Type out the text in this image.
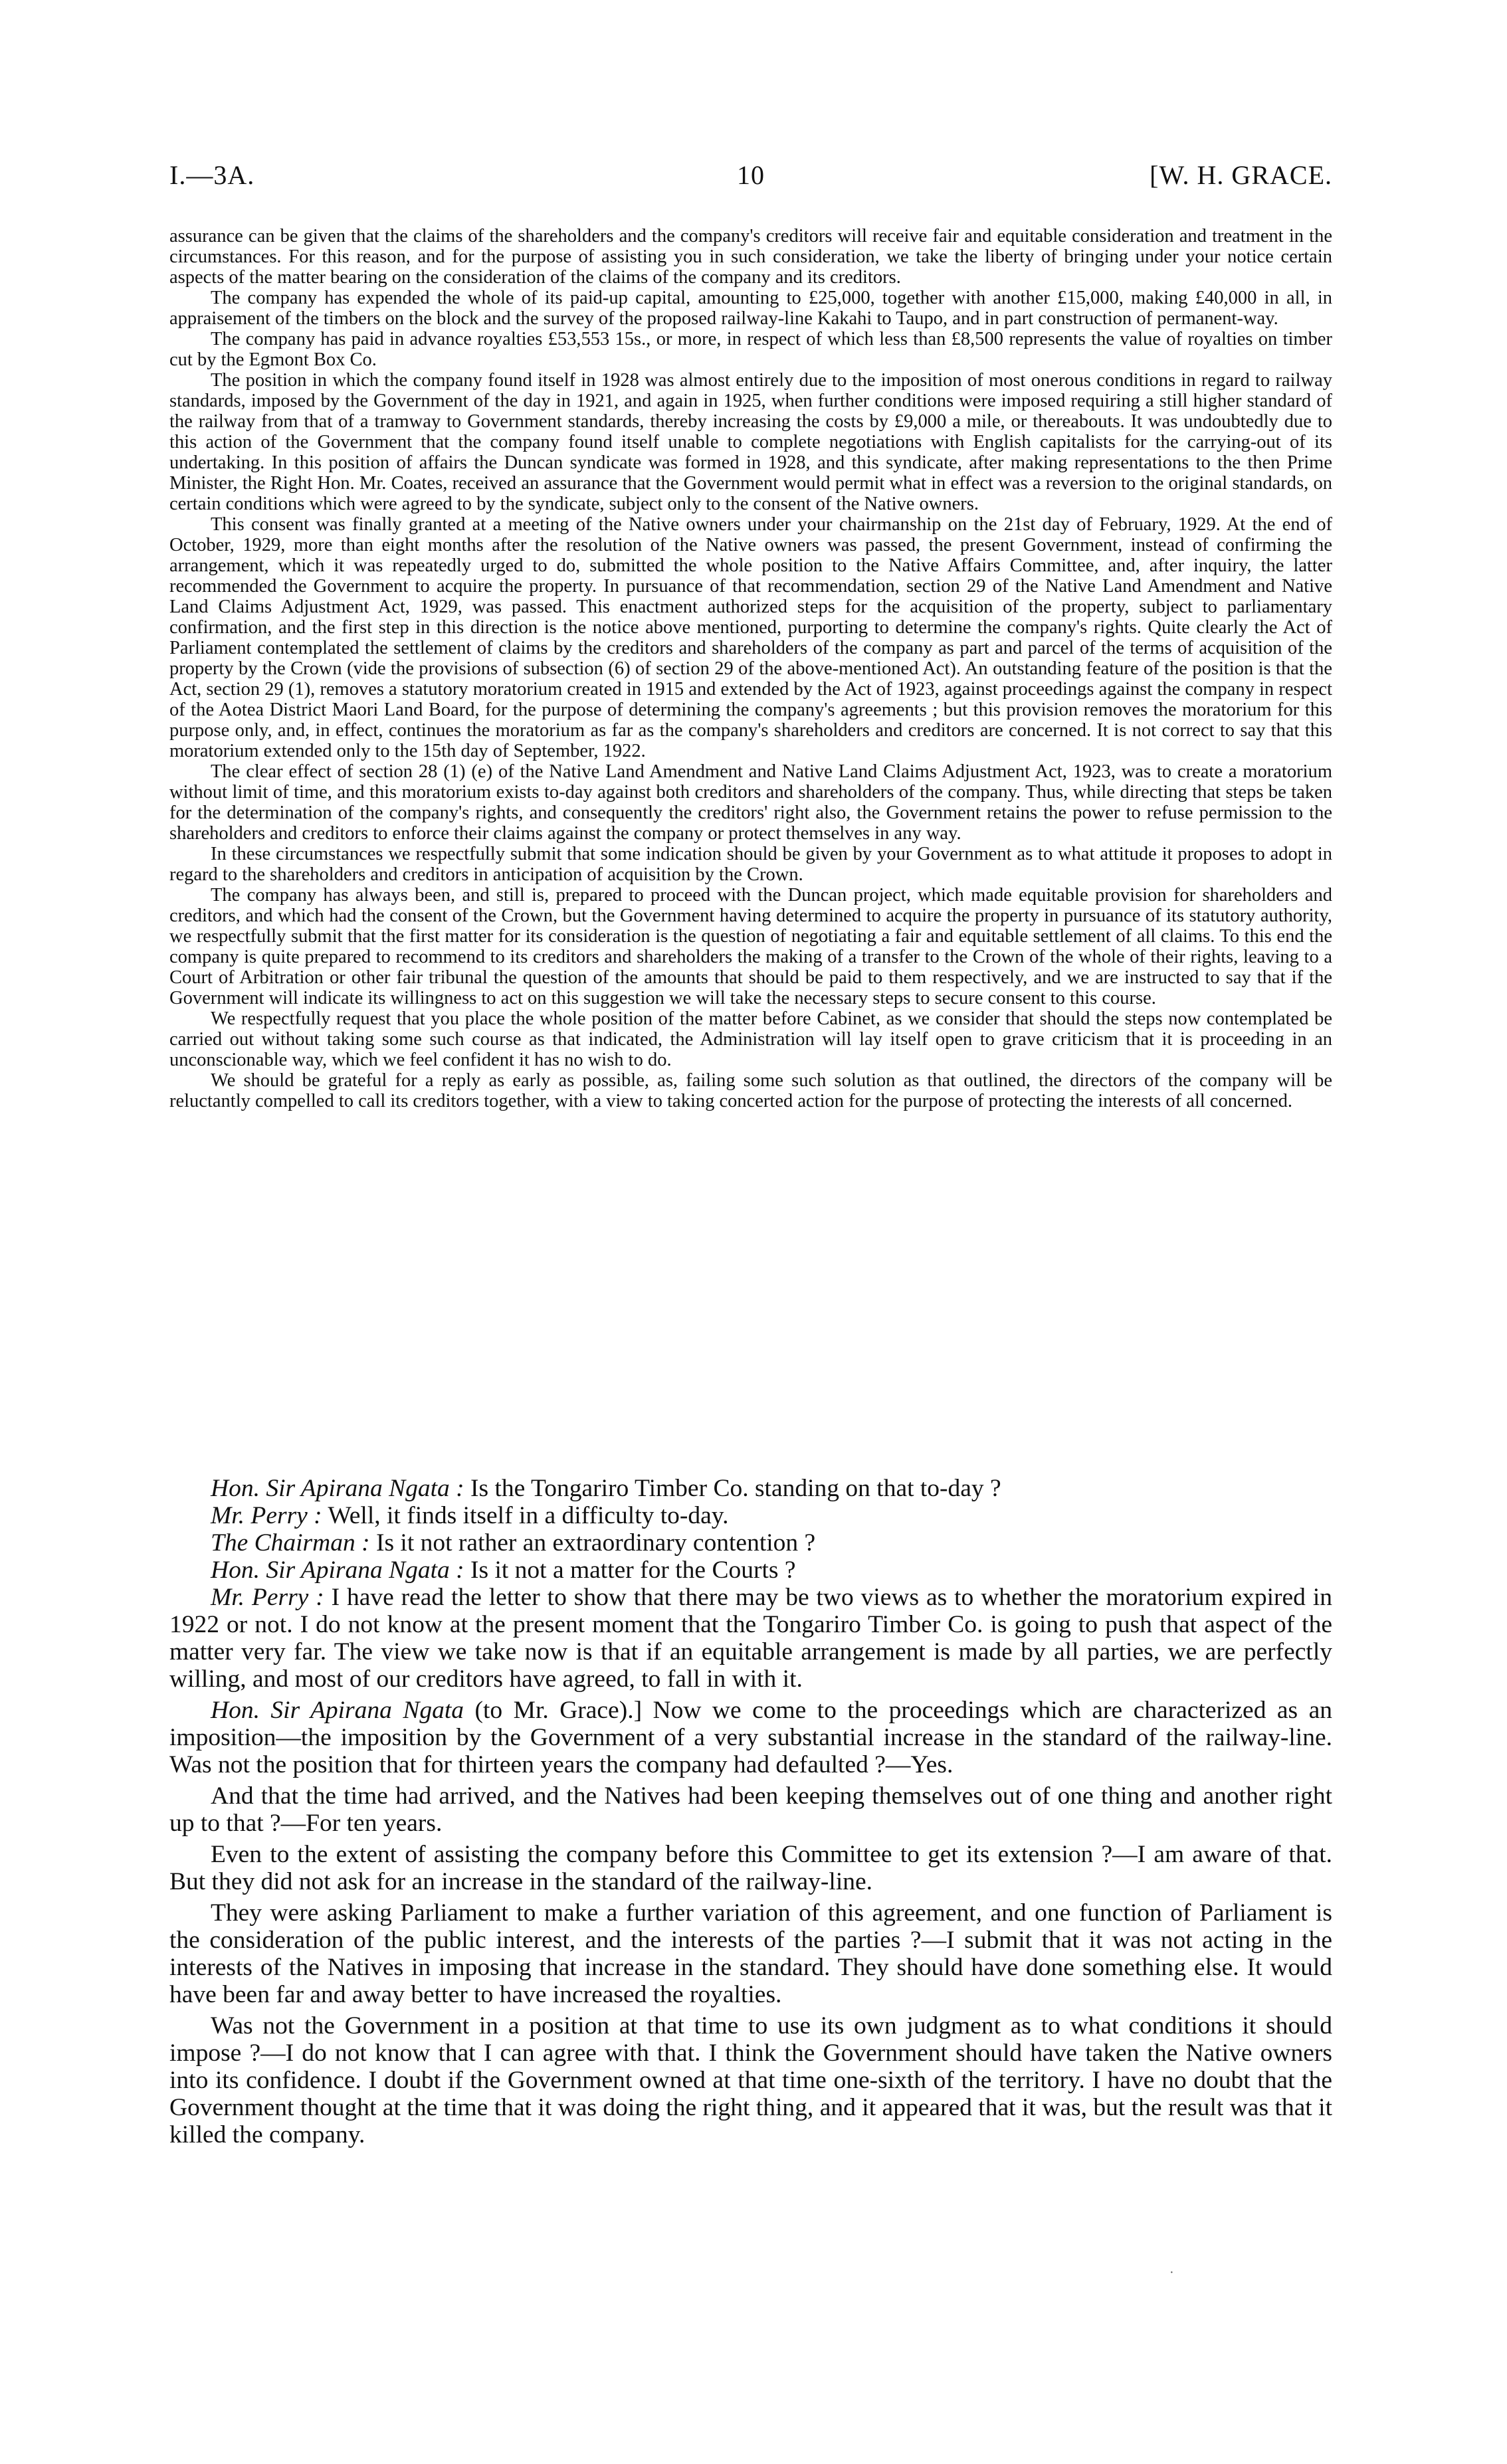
I.—3A.	10	[W. H. GRACE.

assurance can be given that the claims of the shareholders and the company's creditors will receive fair and equitable consideration and treatment in the circumstances. For this reason, and for the purpose of assisting you in such consideration, we take the liberty of bringing under your notice certain aspects of the matter bearing on the consideration of the claims of the company and its creditors.

The company has expended the whole of its paid-up capital, amounting to £25,000, together with another £15,000, making £40,000 in all, in appraisement of the timbers on the block and the survey of the proposed railway-line Kakahi to Taupo, and in part construction of permanent-way.

The company has paid in advance royalties £53,553 15s., or more, in respect of which less than £8,500 represents the value of royalties on timber cut by the Egmont Box Co.

The position in which the company found itself in 1928 was almost entirely due to the imposition of most onerous conditions in regard to railway standards, imposed by the Government of the day in 1921, and again in 1925, when further conditions were imposed requiring a still higher standard of the railway from that of a tramway to Government standards, thereby increasing the costs by £9,000 a mile, or thereabouts. It was undoubtedly due to this action of the Government that the company found itself unable to complete negotiations with English capitalists for the carrying-out of its undertaking. In this position of affairs the Duncan syndicate was formed in 1928, and this syndicate, after making representations to the then Prime Minister, the Right Hon. Mr. Coates, received an assurance that the Government would permit what in effect was a reversion to the original standards, on certain conditions which were agreed to by the syndicate, subject only to the consent of the Native owners.

This consent was finally granted at a meeting of the Native owners under your chairmanship on the 21st day of February, 1929. At the end of October, 1929, more than eight months after the resolution of the Native owners was passed, the present Government, instead of confirming the arrangement, which it was repeatedly urged to do, submitted the whole position to the Native Affairs Committee, and, after inquiry, the latter recommended the Government to acquire the property. In pursuance of that recommendation, section 29 of the Native Land Amendment and Native Land Claims Adjustment Act, 1929, was passed. This enactment authorized steps for the acquisition of the property, subject to parliamentary confirmation, and the first step in this direction is the notice above mentioned, purporting to determine the company's rights. Quite clearly the Act of Parliament contemplated the settlement of claims by the creditors and shareholders of the company as part and parcel of the terms of acquisition of the property by the Crown (vide the provisions of subsection (6) of section 29 of the above-mentioned Act). An outstanding feature of the position is that the Act, section 29 (1), removes a statutory moratorium created in 1915 and extended by the Act of 1923, against proceedings against the company in respect of the Aotea District Maori Land Board, for the purpose of determining the company's agreements ; but this provision removes the moratorium for this purpose only, and, in effect, continues the moratorium as far as the company's shareholders and creditors are concerned. It is not correct to say that this moratorium extended only to the 15th day of September, 1922.

The clear effect of section 28 (1) (e) of the Native Land Amendment and Native Land Claims Adjustment Act, 1923, was to create a moratorium without limit of time, and this moratorium exists to-day against both creditors and shareholders of the company. Thus, while directing that steps be taken for the determination of the company's rights, and consequently the creditors' right also, the Government retains the power to refuse permission to the shareholders and creditors to enforce their claims against the company or protect themselves in any way.

In these circumstances we respectfully submit that some indication should be given by your Government as to what attitude it proposes to adopt in regard to the shareholders and creditors in anticipation of acquisition by the Crown.

The company has always been, and still is, prepared to proceed with the Duncan project, which made equitable provision for shareholders and creditors, and which had the consent of the Crown, but the Government having determined to acquire the property in pursuance of its statutory authority, we respectfully submit that the first matter for its consideration is the question of negotiating a fair and equitable settlement of all claims. To this end the company is quite prepared to recommend to its creditors and shareholders the making of a transfer to the Crown of the whole of their rights, leaving to a Court of Arbitration or other fair tribunal the question of the amounts that should be paid to them respectively, and we are instructed to say that if the Government will indicate its willingness to act on this suggestion we will take the necessary steps to secure consent to this course.

We respectfully request that you place the whole position of the matter before Cabinet, as we consider that should the steps now contemplated be carried out without taking some such course as that indicated, the Administration will lay itself open to grave criticism that it is proceeding in an unconscionable way, which we feel confident it has no wish to do.

We should be grateful for a reply as early as possible, as, failing some such solution as that outlined, the directors of the company will be reluctantly compelled to call its creditors together, with a view to taking concerted action for the purpose of protecting the interests of all concerned.

Hon. Sir Apirana Ngata : Is the Tongariro Timber Co. standing on that to-day ?

Mr. Perry : Well, it finds itself in a difficulty to-day.

The Chairman : Is it not rather an extraordinary contention ?

Hon. Sir Apirana Ngata : Is it not a matter for the Courts ?

Mr. Perry : I have read the letter to show that there may be two views as to whether the moratorium expired in 1922 or not. I do not know at the present moment that the Tongariro Timber Co. is going to push that aspect of the matter very far. The view we take now is that if an equitable arrangement is made by all parties, we are perfectly willing, and most of our creditors have agreed, to fall in with it.

Hon. Sir Apirana Ngata (to Mr. Grace).] Now we come to the proceedings which are characterized as an imposition—the imposition by the Government of a very substantial increase in the standard of the railway-line. Was not the position that for thirteen years the company had defaulted ?—Yes.

And that the time had arrived, and the Natives had been keeping themselves out of one thing and another right up to that ?—For ten years.

Even to the extent of assisting the company before this Committee to get its extension ?—I am aware of that. But they did not ask for an increase in the standard of the railway-line.

They were asking Parliament to make a further variation of this agreement, and one function of Parliament is the consideration of the public interest, and the interests of the parties ?—I submit that it was not acting in the interests of the Natives in imposing that increase in the standard. They should have done something else. It would have been far and away better to have increased the royalties.

Was not the Government in a position at that time to use its own judgment as to what conditions it should impose ?—I do not know that I can agree with that. I think the Government should have taken the Native owners into its confidence. I doubt if the Government owned at that time one-sixth of the territory. I have no doubt that the Government thought at the time that it was doing the right thing, and it appeared that it was, but the result was that it killed the company.

·
